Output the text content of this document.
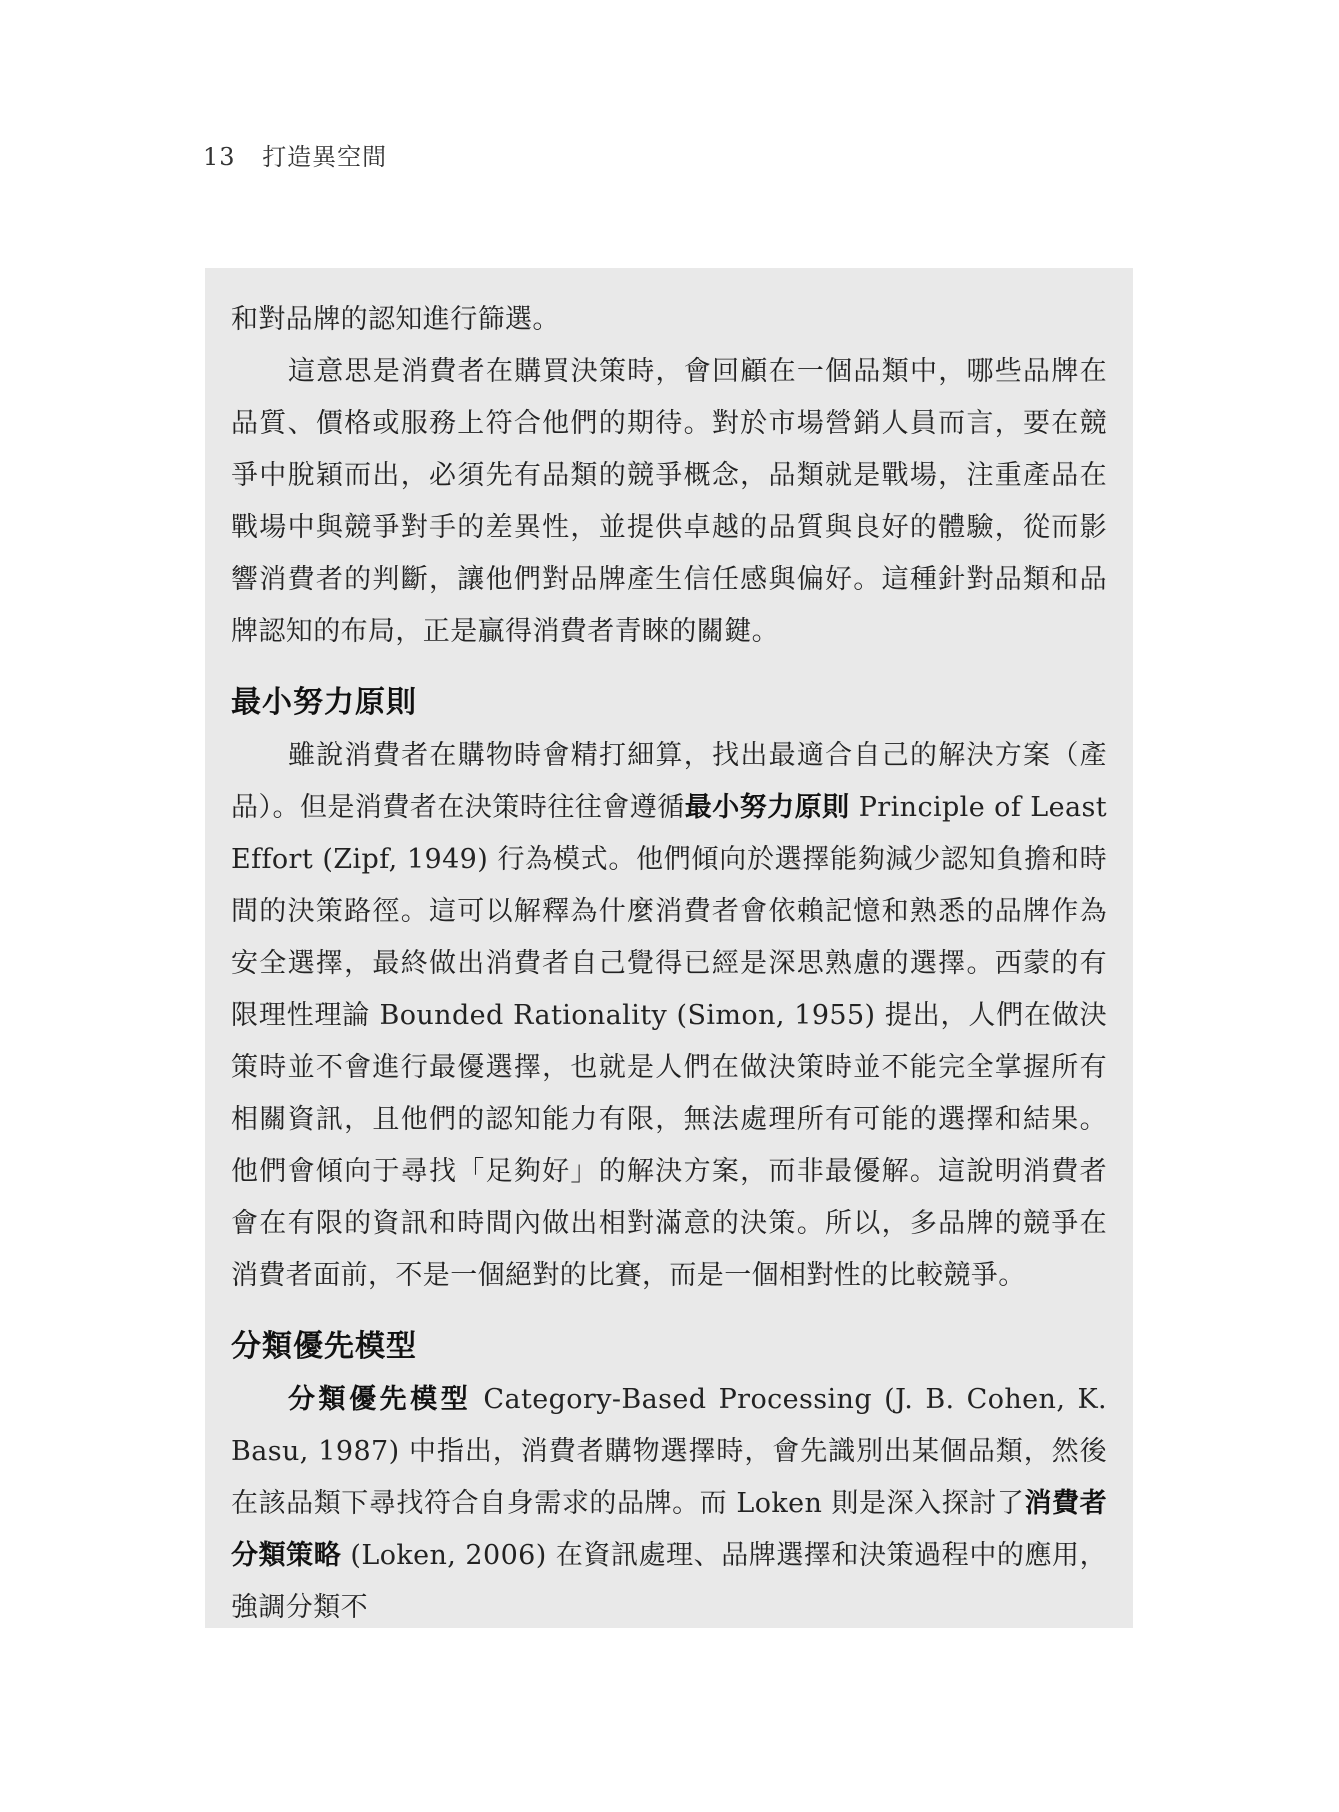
13 打造異空間

和對品牌的認知進行篩選。

這意思是消費者在購買決策時，會回顧在一個品類中，哪些品牌在品質、價格或服務上符合他們的期待。對於市場營銷人員而言，要在競爭中脫穎而出，必須先有品類的競爭概念，品類就是戰場，注重產品在戰場中與競爭對手的差異性，並提供卓越的品質與良好的體驗，從而影響消費者的判斷，讓他們對品牌產生信任感與偏好。這種針對品類和品牌認知的布局，正是贏得消費者青睞的關鍵。

最小努力原則

雖說消費者在購物時會精打細算，找出最適合自己的解決方案（產品）。但是消費者在決策時往往會遵循最小努力原則 Principle of Least Effort (Zipf, 1949) 行為模式。他們傾向於選擇能夠減少認知負擔和時間的決策路徑。這可以解釋為什麼消費者會依賴記憶和熟悉的品牌作為安全選擇，最終做出消費者自己覺得已經是深思熟慮的選擇。西蒙的有限理性理論 Bounded Rationality (Simon, 1955) 提出，人們在做決策時並不會進行最優選擇，也就是人們在做決策時並不能完全掌握所有相關資訊，且他們的認知能力有限，無法處理所有可能的選擇和結果。他們會傾向于尋找「足夠好」的解決方案，而非最優解。這說明消費者會在有限的資訊和時間內做出相對滿意的決策。所以，多品牌的競爭在消費者面前，不是一個絕對的比賽，而是一個相對性的比較競爭。

分類優先模型

分類優先模型 Category-Based Processing (J. B. Cohen, K. Basu, 1987) 中指出，消費者購物選擇時，會先識別出某個品類，然後在該品類下尋找符合自身需求的品牌。而 Loken 則是深入探討了消費者分類策略 (Loken, 2006) 在資訊處理、品牌選擇和決策過程中的應用，強調分類不
